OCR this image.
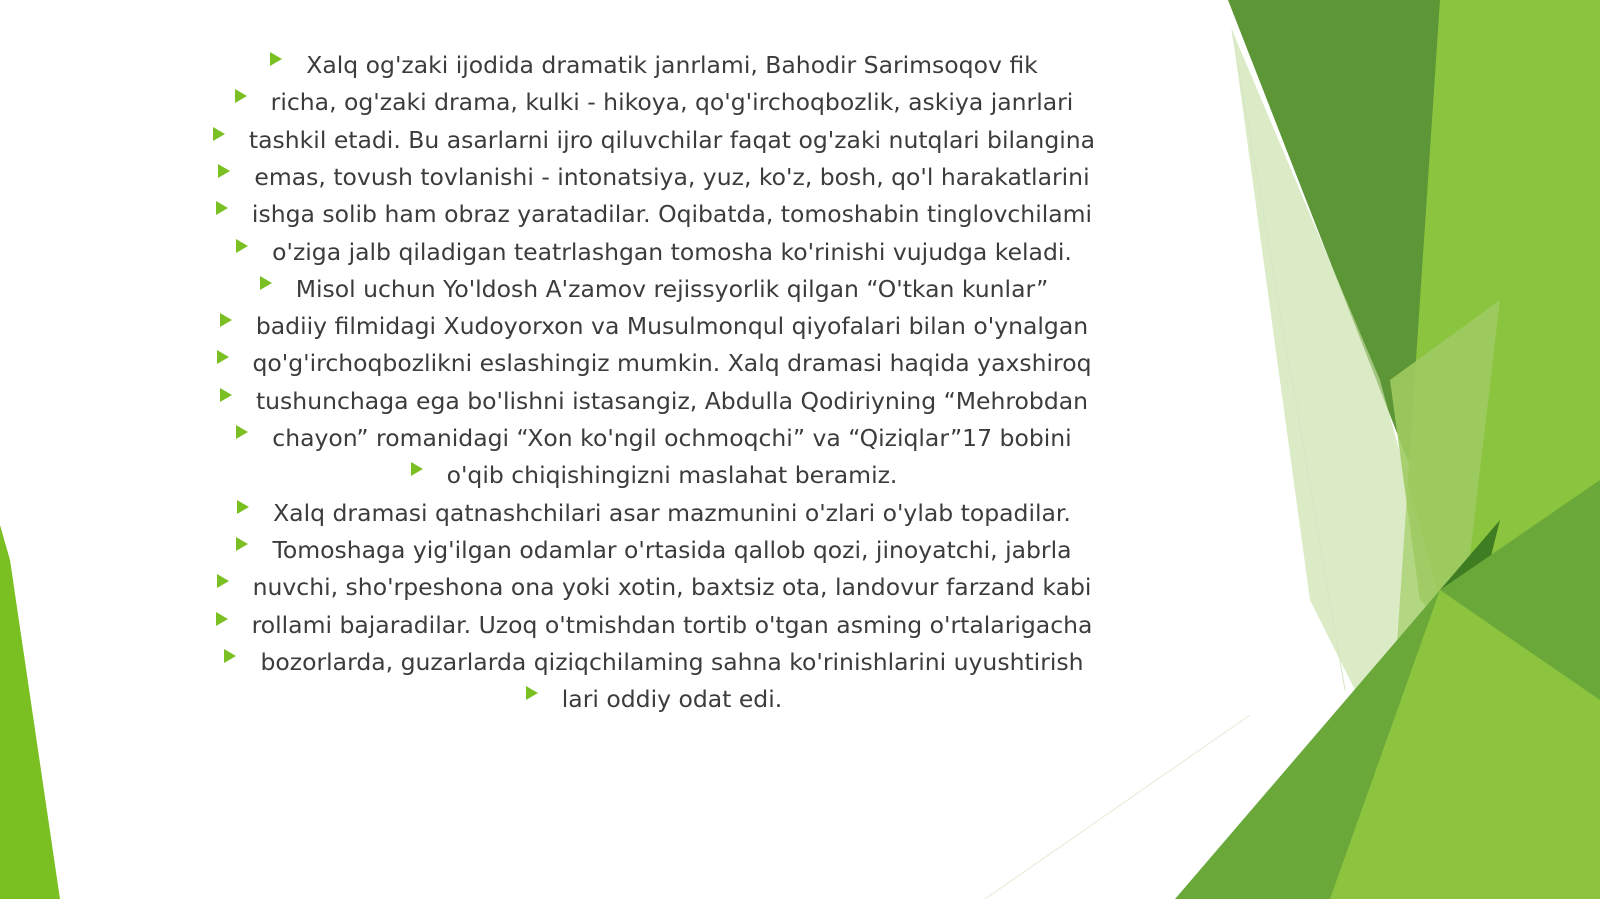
Xalq og'zaki ijodida dramatik janrlami, Bahodir Sarimsoqov fik
richa, og'zaki drama, kulki - hikoya, qo'g'irchoqbozlik, askiya janrlari
tashkil etadi. Bu asarlarni ijro qiluvchilar faqat og'zaki nutqlari bilangina
emas, tovush tovlanishi - intonatsiya, yuz, ko'z, bosh, qo'l harakatlarini
ishga solib ham obraz yaratadilar. Oqibatda, tomoshabin tinglovchilami
o'ziga jalb qiladigan teatrlashgan tomosha ko'rinishi vujudga keladi.
Misol uchun Yo'ldosh A'zamov rejissyorlik qilgan “O'tkan kunlar”
badiiy filmidagi Xudoyorxon va Musulmonqul qiyofalari bilan o'ynalgan
qo'g'irchoqbozlikni eslashingiz mumkin. Xalq dramasi haqida yaxshiroq
tushunchaga ega bo'lishni istasangiz, Abdulla Qodiriyning “Mehrobdan
chayon” romanidagi “Xon ko'ngil ochmoqchi” va “Qiziqlar”17 bobini
o'qib chiqishingizni maslahat beramiz.
Xalq dramasi qatnashchilari asar mazmunini o'zlari o'ylab topadilar.
Tomoshaga yig'ilgan odamlar o'rtasida qallob qozi, jinoyatchi, jabrla
nuvchi, sho'rpeshona ona yoki xotin, baxtsiz ota, landovur farzand kabi
rollami bajaradilar. Uzoq o'tmishdan tortib o'tgan asming o'rtalarigacha
bozorlarda, guzarlarda qiziqchilaming sahna ko'rinishlarini uyushtirish
lari oddiy odat edi.
